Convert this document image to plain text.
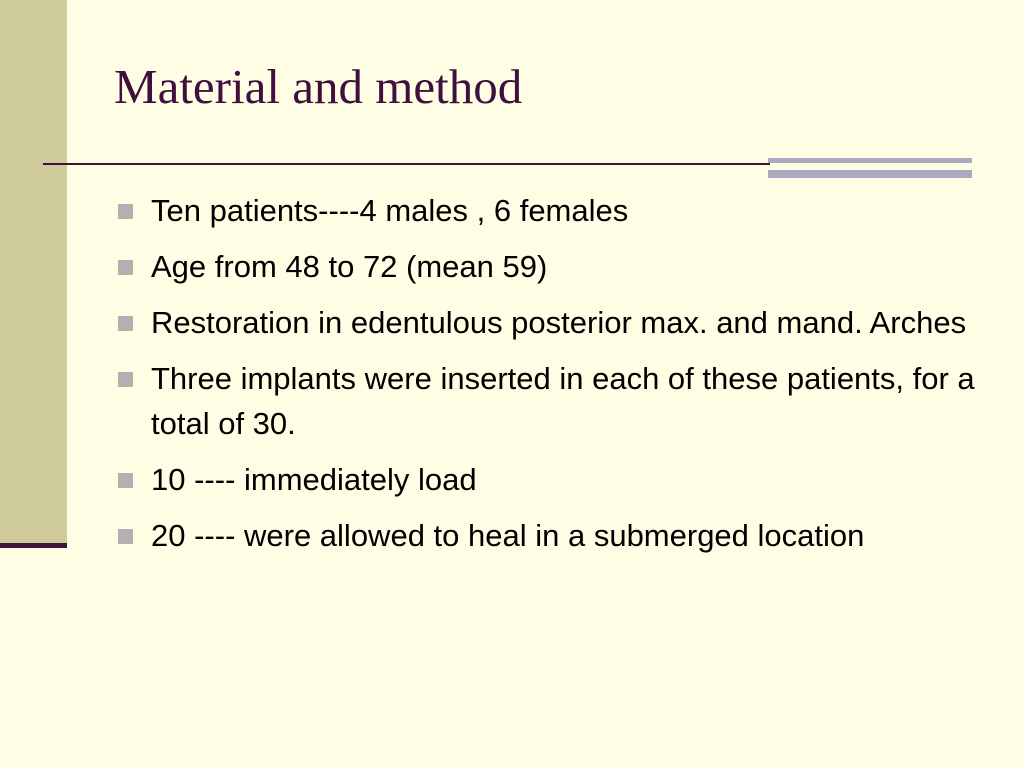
Material and method
Ten patients----4 males , 6 females
Age from 48 to 72 (mean 59)
Restoration in edentulous posterior max. and mand. Arches
Three implants were inserted in each of these patients, for a total of 30.
10 ---- immediately load
20 ---- were allowed to heal in a submerged location
